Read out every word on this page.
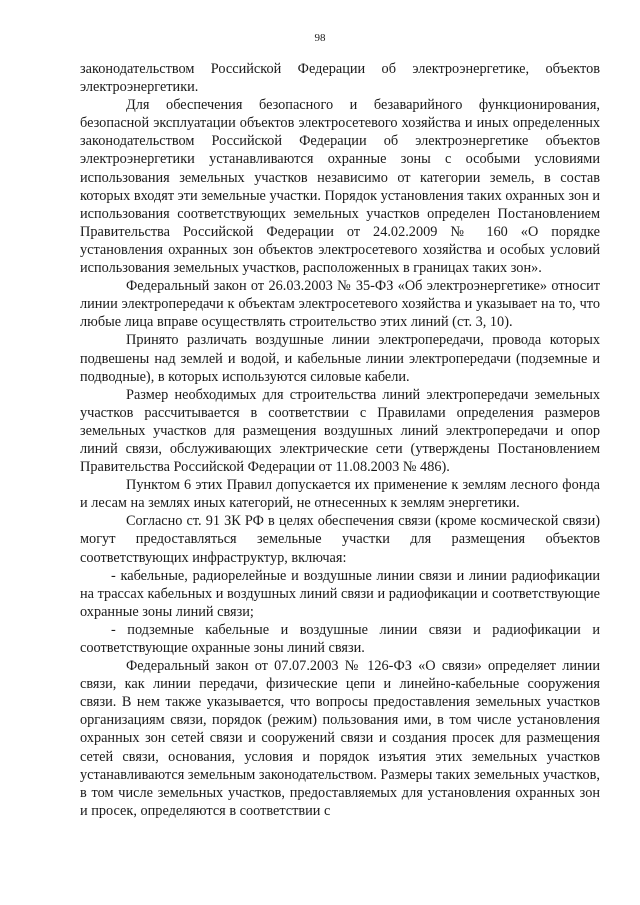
98

законодательством Российской Федерации об электроэнергетике, объектов электроэнергетики.

Для обеспечения безопасного и безаварийного функционирования, безопасной эксплуатации объектов электросетевого хозяйства и иных определенных законодательством Российской Федерации об электроэнергетике объектов электроэнергетики устанавливаются охранные зоны с особыми условиями использования земельных участков независимо от категории земель, в состав которых входят эти земельные участки. Порядок установления таких охранных зон и использования соответствующих земельных участков определен Постановлением Правительства Российской Федерации от 24.02.2009 № 160 «О порядке установления охранных зон объектов электросетевого хозяйства и особых условий использования земельных участков, расположенных в границах таких зон».

Федеральный закон от 26.03.2003 № 35-ФЗ «Об электроэнергетике» относит линии электропередачи к объектам электросетевого хозяйства и указывает на то, что любые лица вправе осуществлять строительство этих линий (ст. 3, 10).

Принято различать воздушные линии электропередачи, провода которых подвешены над землей и водой, и кабельные линии электропередачи (подземные и подводные), в которых используются силовые кабели.

Размер необходимых для строительства линий электропередачи земельных участков рассчитывается в соответствии с Правилами определения размеров земельных участков для размещения воздушных линий электропередачи и опор линий связи, обслуживающих электрические сети (утверждены Постановлением Правительства Российской Федерации от 11.08.2003 № 486).

Пунктом 6 этих Правил допускается их применение к землям лесного фонда и лесам на землях иных категорий, не отнесенных к землям энергетики.

Согласно ст. 91 ЗК РФ в целях обеспечения связи (кроме космической связи) могут предоставляться земельные участки для размещения объектов соответствующих инфраструктур, включая:

- кабельные, радиорелейные и воздушные линии связи и линии радиофикации на трассах кабельных и воздушных линий связи и радиофикации и соответствующие охранные зоны линий связи;

- подземные кабельные и воздушные линии связи и радиофикации и соответствующие охранные зоны линий связи.

Федеральный закон от 07.07.2003 № 126-ФЗ «О связи» определяет линии связи, как линии передачи, физические цепи и линейно-кабельные сооружения связи. В нем также указывается, что вопросы предоставления земельных участков организациям связи, порядок (режим) пользования ими, в том числе установления охранных зон сетей связи и сооружений связи и создания просек для размещения сетей связи, основания, условия и порядок изъятия этих земельных участков устанавливаются земельным законодательством. Размеры таких земельных участков, в том числе земельных участков, предоставляемых для установления охранных зон и просек, определяются в соответствии с
